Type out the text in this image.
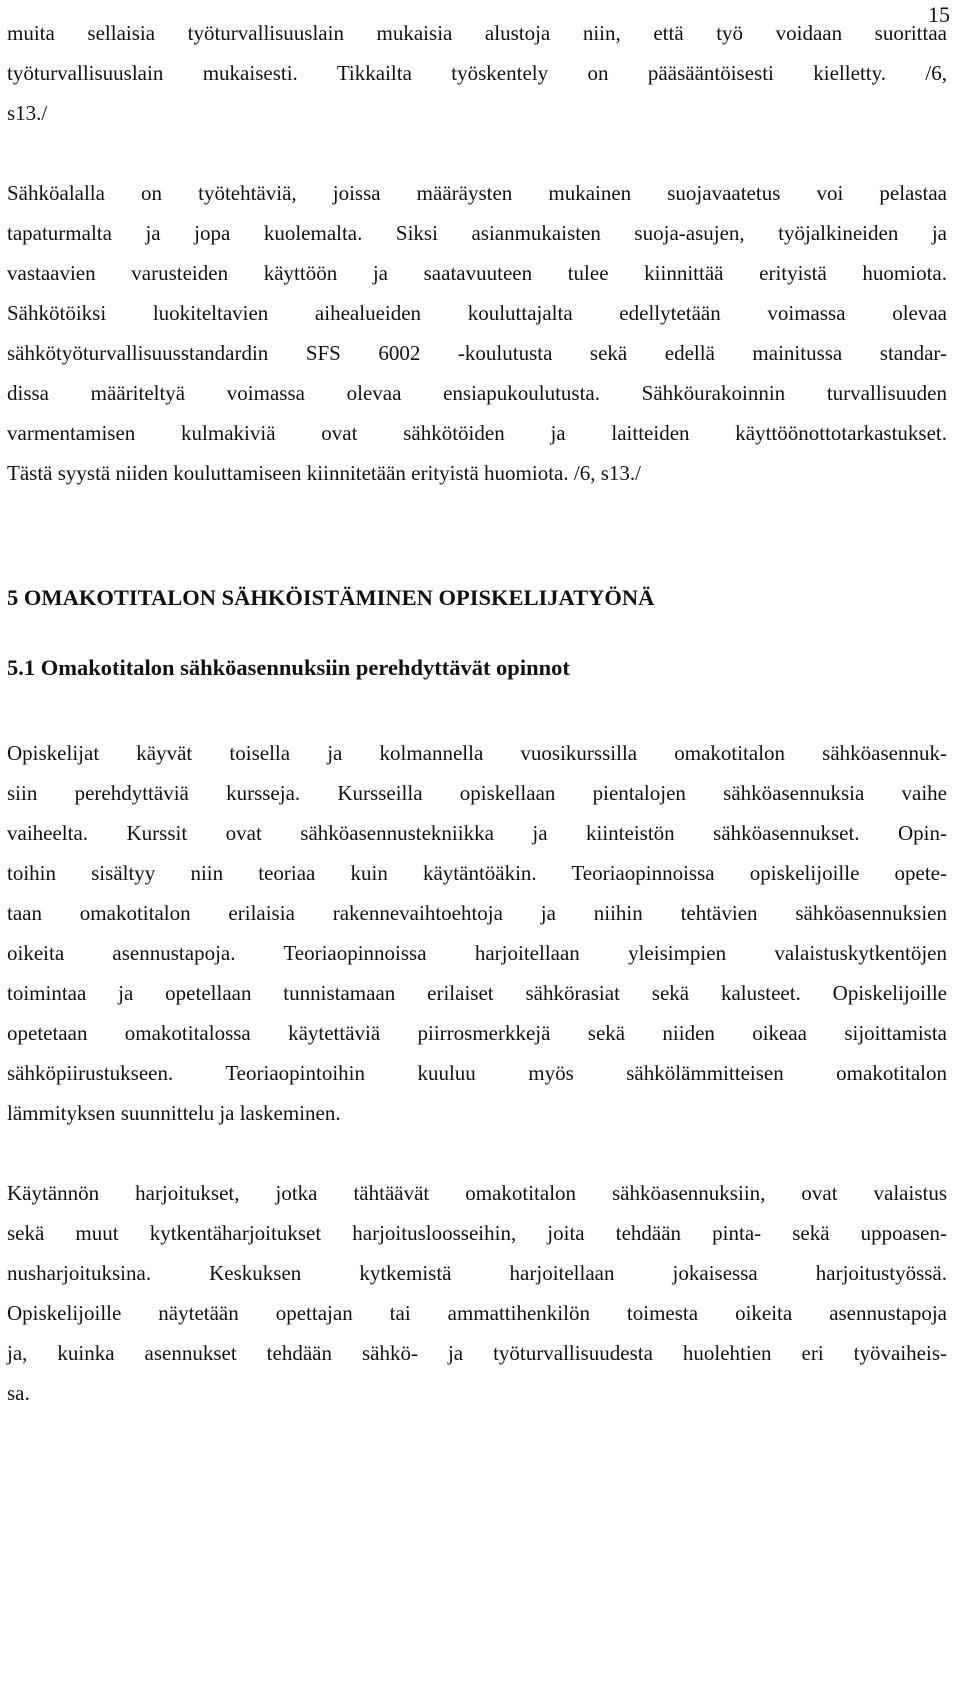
15
muita sellaisia työturvallisuuslain mukaisia alustoja niin, että työ voidaan suorittaa
työturvallisuuslain mukaisesti. Tikkailta työskentely on pääsääntöisesti kielletty. /6,
s13./
Sähköalalla on työtehtäviä, joissa määräysten mukainen suojavaatetus voi pelastaa
tapaturmalta ja jopa kuolemalta. Siksi asianmukaisten suoja-asujen, työjalkineiden ja
vastaavien varusteiden käyttöön ja saatavuuteen tulee kiinnittää erityistä huomiota.
Sähkötöiksi luokiteltavien aihealueiden kouluttajalta edellytetään voimassa olevaa
sähkötyöturvallisuusstandardin SFS 6002 -koulutusta sekä edellä mainitussa standar-
dissa määriteltyä voimassa olevaa ensiapukoulutusta. Sähköurakoinnin turvallisuuden
varmentamisen kulmakiviä ovat sähkötöiden ja laitteiden käyttöönottotarkastukset.
Tästä syystä niiden kouluttamiseen kiinnitetään erityistä huomiota. /6, s13./
5 OMAKOTITALON SÄHKÖISTÄMINEN OPISKELIJATYÖNÄ
5.1 Omakotitalon sähköasennuksiin perehdyttävät opinnot
Opiskelijat käyvät toisella ja kolmannella vuosikurssilla omakotitalon sähköasennuk-
siin perehdyttäviä kursseja. Kursseilla opiskellaan pientalojen sähköasennuksia vaihe
vaiheelta. Kurssit ovat sähköasennustekniikka ja kiinteistön sähköasennukset. Opin-
toihin sisältyy niin teoriaa kuin käytäntöäkin. Teoriaopinnoissa opiskelijoille opete-
taan omakotitalon erilaisia rakennevaihtoehtoja ja niihin tehtävien sähköasennuksien
oikeita asennustapoja. Teoriaopinnoissa harjoitellaan yleisimpien valaistuskytkentöjen
toimintaa ja opetellaan tunnistamaan erilaiset sähkörasiat sekä kalusteet. Opiskelijoille
opetetaan omakotitalossa käytettäviä piirrosmerkkejä sekä niiden oikeaa sijoittamista
sähköpiirustukseen. Teoriaopintoihin kuuluu myös sähkölämmitteisen omakotitalon
lämmityksen suunnittelu ja laskeminen.
Käytännön harjoitukset, jotka tähtäävät omakotitalon sähköasennuksiin, ovat valaistus
sekä muut kytkentäharjoitukset harjoitusloosseihin, joita tehdään pinta- sekä uppoasen-
nusharjoituksina. Keskuksen kytkemistä harjoitellaan jokaisessa harjoitustyössä.
Opiskelijoille näytetään opettajan tai ammattihenkilön toimesta oikeita asennustapoja
ja, kuinka asennukset tehdään sähkö- ja työturvallisuudesta huolehtien eri työvaiheis-
sa.
